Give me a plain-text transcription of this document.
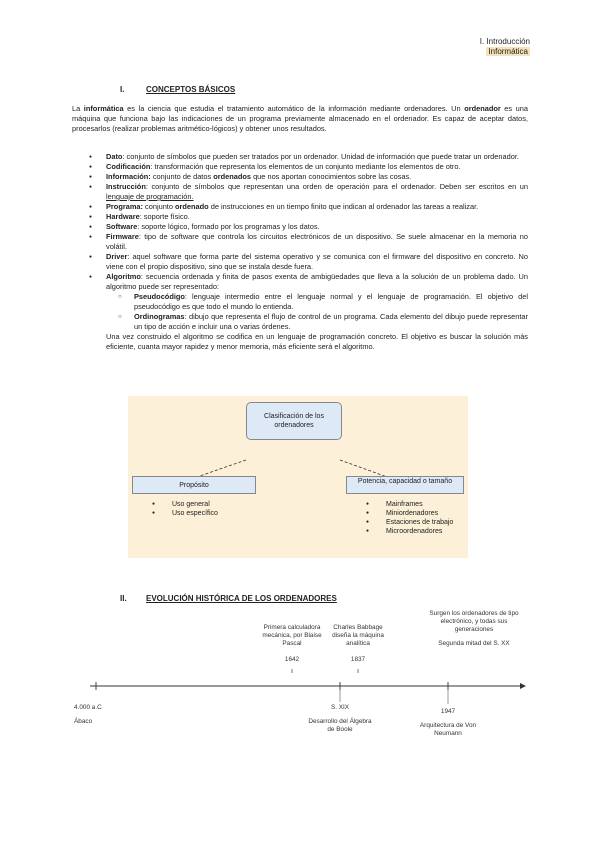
I. Introducción
Informática
I.	CONCEPTOS BÁSICOS

La informática es la ciencia que estudia el tratamiento automático de la información mediante ordenadores. Un ordenador es una máquina que funciona bajo las indicaciones de un programa previamente almacenado en el ordenador. Es capaz de aceptar datos, procesarlos (realizar problemas aritmético-lógicos) y obtener unos resultados.

● Dato: conjunto de símbolos que pueden ser tratados por un ordenador. Unidad de información que puede tratar un ordenador.
● Codificación: transformación que representa los elementos de un conjunto mediante los elementos de otro.
● Información: conjunto de datos ordenados que nos aportan conocimientos sobre las cosas.
● Instrucción: conjunto de símbolos que representan una orden de operación para el ordenador. Deben ser escritos en un lenguaje de programación.
● Programa: conjunto ordenado de instrucciones en un tiempo finito que indican al ordenador las tareas a realizar.
● Hardware: soporte físico.
● Software: soporte lógico, formado por los programas y los datos.
● Firmware: tipo de software que controla los circuitos electrónicos de un dispositivo. Se suele almacenar en la memoria no volátil.
● Driver: aquel software que forma parte del sistema operativo y se comunica con el firmware del dispositivo en concreto. No viene con el propio dispositivo, sino que se instala desde fuera.
● Algoritmo: secuencia ordenada y finita de pasos exenta de ambigüedades que lleva a la solución de un problema dado. Un algoritmo puede ser representado:
○ Pseudocódigo: lenguaje intermedio entre el lenguaje normal y el lenguaje de programación. El objetivo del pseudocódigo es que todo el mundo lo entienda.
○ Ordinogramas: dibujo que representa el flujo de control de un programa. Cada elemento del dibujo puede representar un tipo de acción e incluir una o varias órdenes.

Una vez construido el algoritmo se codifica en un lenguaje de programación concreto. El objetivo es buscar la solución más eficiente, cuanta mayor rapidez y menor memoria, más eficiente será el algoritmo.

Clasificación de los ordenadores
Propósito
Potencia, capacidad o tamaño
● Uso general
● Uso específico
● Mainframes
● Miniordenadores
● Estaciones de trabajo
● Microordenadores
II. EVOLUCIÓN HISTÓRICA DE LOS ORDENADORES
Primera calculadora mecánica, por Blaise Pascal
1642
Charles Babbage diseña la máquina analítica
1837
Surgen los ordenadores de tipo electrónico, y todas sus generaciones
Segunda mitad del S. XX
4.000 a.C
Ábaco
S. XIX
Desarrollo del Álgebra de Boole
1947
Arquitectura de Von Neumann
